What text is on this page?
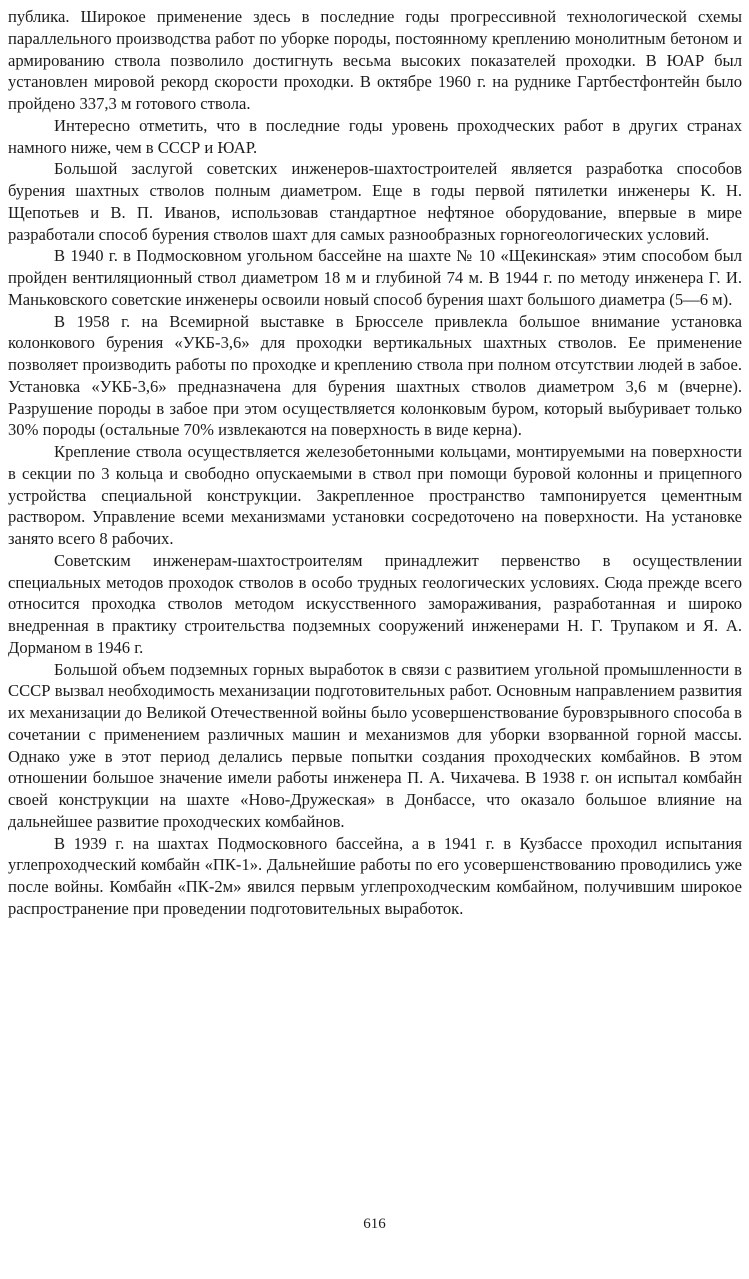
публика. Широкое применение здесь в последние годы прогрессивной технологической схемы параллельного производства работ по уборке породы, постоянному креплению монолитным бетоном и армированию ствола позволило достигнуть весьма высоких показателей проходки. В ЮАР был установлен мировой рекорд скорости проходки. В октябре 1960 г. на руднике Гартбестфонтейн было пройдено 337,3 м готового ствола.

Интересно отметить, что в последние годы уровень проходческих работ в других странах намного ниже, чем в СССР и ЮАР.

Большой заслугой советских инженеров-шахтостроителей является разработка способов бурения шахтных стволов полным диаметром. Еще в годы первой пятилетки инженеры К. Н. Щепотьев и В. П. Иванов, использовав стандартное нефтяное оборудование, впервые в мире разработали способ бурения стволов шахт для самых разнообразных горногеологических условий.

В 1940 г. в Подмосковном угольном бассейне на шахте № 10 «Щекинская» этим способом был пройден вентиляционный ствол диаметром 18 м и глубиной 74 м. В 1944 г. по методу инженера Г. И. Маньковского советские инженеры освоили новый способ бурения шахт большого диаметра (5—6 м).

В 1958 г. на Всемирной выставке в Брюсселе привлекла большое внимание установка колонкового бурения «УКБ-3,6» для проходки вертикальных шахтных стволов. Ее применение позволяет производить работы по проходке и креплению ствола при полном отсутствии людей в забое. Установка «УКБ-3,6» предназначена для бурения шахтных стволов диаметром 3,6 м (вчерне). Разрушение породы в забое при этом осуществляется колонковым буром, который выбуривает только 30% породы (остальные 70% извлекаются на поверхность в виде керна).

Крепление ствола осуществляется железобетонными кольцами, монтируемыми на поверхности в секции по 3 кольца и свободно опускаемыми в ствол при помощи буровой колонны и прицепного устройства специальной конструкции. Закрепленное пространство тампонируется цементным раствором. Управление всеми механизмами установки сосредоточено на поверхности. На установке занято всего 8 рабочих.

Советским инженерам-шахтостроителям принадлежит первенство в осуществлении специальных методов проходок стволов в особо трудных геологических условиях. Сюда прежде всего относится проходка стволов методом искусственного замораживания, разработанная и широко внедренная в практику строительства подземных сооружений инженерами Н. Г. Трупаком и Я. А. Дорманом в 1946 г.

Большой объем подземных горных выработок в связи с развитием угольной промышленности в СССР вызвал необходимость механизации подготовительных работ. Основным направлением развития их механизации до Великой Отечественной войны было усовершенствование буровзрывного способа в сочетании с применением различных машин и механизмов для уборки взорванной горной массы. Однако уже в этот период делались первые попытки создания проходческих комбайнов. В этом отношении большое значение имели работы инженера П. А. Чихачева. В 1938 г. он испытал комбайн своей конструкции на шахте «Ново-Дружеская» в Донбассе, что оказало большое влияние на дальнейшее развитие проходческих комбайнов.

В 1939 г. на шахтах Подмосковного бассейна, а в 1941 г. в Кузбассе проходил испытания углепроходческий комбайн «ПК-1». Дальнейшие работы по его усовершенствованию проводились уже после войны. Комбайн «ПК-2м» явился первым углепроходческим комбайном, получившим широкое распространение при проведении подготовительных выработок.

616
